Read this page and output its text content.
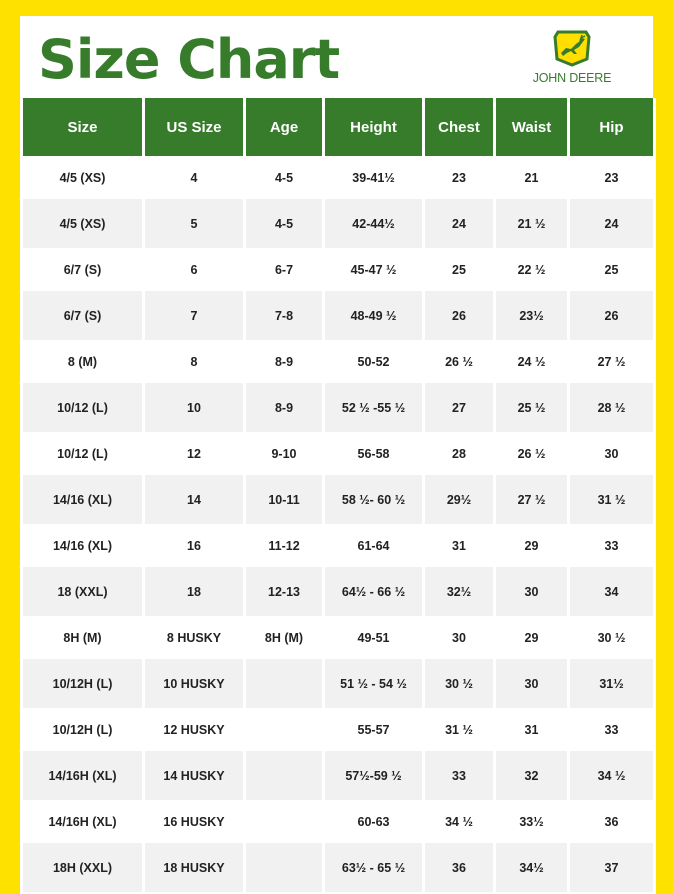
Size Chart	JOHN DEERE
Size	US Size	Age	Height	Chest	Waist	Hip
4/5 (XS)	4	4-5	39-41½	23	21	23
4/5 (XS)	5	4-5	42-44½	24	21 ½	24
6/7 (S)	6	6-7	45-47 ½	25	22 ½	25
6/7 (S)	7	7-8	48-49 ½	26	23½	26
8 (M)	8	8-9	50-52	26 ½	24 ½	27 ½
10/12 (L)	10	8-9	52 ½ -55 ½	27	25 ½	28 ½
10/12 (L)	12	9-10	56-58	28	26 ½	30
14/16 (XL)	14	10-11	58 ½- 60 ½	29½	27 ½	31 ½
14/16 (XL)	16	11-12	61-64	31	29	33
18 (XXL)	18	12-13	64½ - 66 ½	32½	30	34
8H (M)	8 HUSKY	8H (M)	49-51	30	29	30 ½
10/12H (L)	10 HUSKY		51 ½ - 54 ½	30 ½	30	31½
10/12H (L)	12 HUSKY		55-57	31 ½	31	33
14/16H (XL)	14 HUSKY		57½-59 ½	33	32	34 ½
14/16H (XL)	16 HUSKY		60-63	34 ½	33½	36
18H (XXL)	18 HUSKY		63½ - 65 ½	36	34½	37
